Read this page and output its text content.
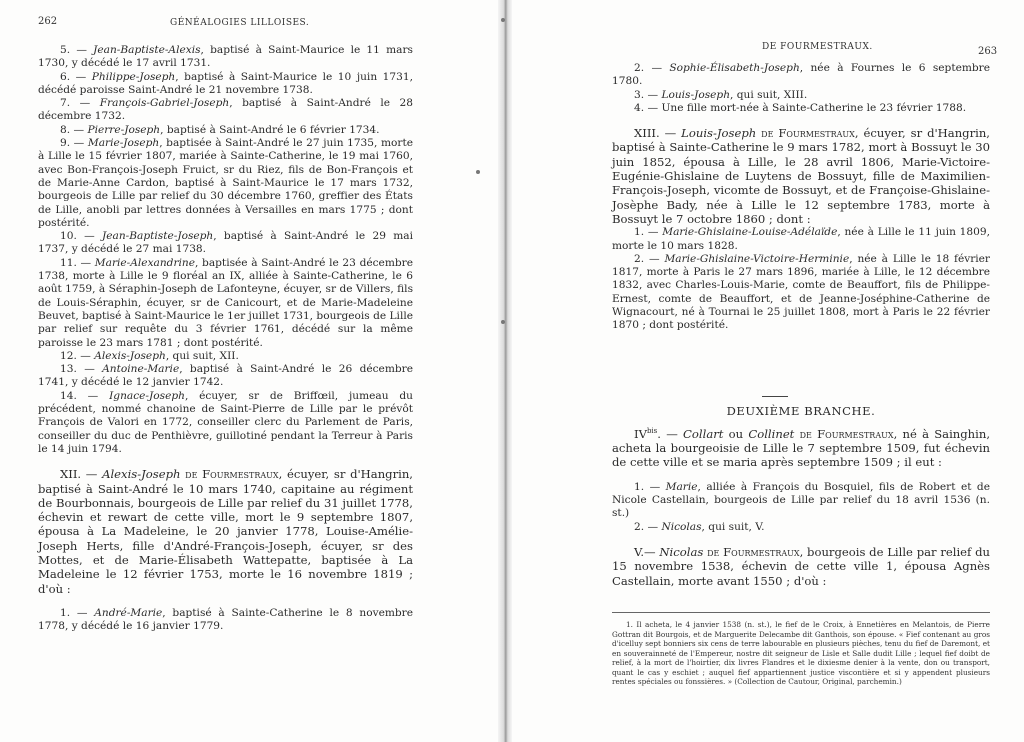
262	GÉNÉALOGIES LILLOISES.

5. — Jean-Baptiste-Alexis, baptisé à Saint-Maurice le 11 mars 1730, y décédé le 17 avril 1731.

6. — Philippe-Joseph, baptisé à Saint-Maurice le 10 juin 1731, décédé paroisse Saint-André le 21 novembre 1738.

7. — François-Gabriel-Joseph, baptisé à Saint-André le 28 décembre 1732.

8. — Pierre-Joseph, baptisé à Saint-André le 6 février 1734.

9. — Marie-Joseph, baptisée à Saint-André le 27 juin 1735, morte à Lille le 15 février 1807, mariée à Sainte-Catherine, le 19 mai 1760, avec Bon-François-Joseph Fruict, sr du Riez, fils de Bon-François et de Marie-Anne Cardon, baptisé à Saint-Maurice le 17 mars 1732, bourgeois de Lille par relief du 30 décembre 1760, greffier des États de Lille, anobli par lettres données à Versailles en mars 1775 ; dont postérité.

10. — Jean-Baptiste-Joseph, baptisé à Saint-André le 29 mai 1737, y décédé le 27 mai 1738.

11. — Marie-Alexandrine, baptisée à Saint-André le 23 décembre 1738, morte à Lille le 9 floréal an IX, alliée à Sainte-Catherine, le 6 août 1759, à Séraphin-Joseph de Lafonteyne, écuyer, sr de Villers, fils de Louis-Séraphin, écuyer, sr de Canicourt, et de Marie-Madeleine Beuvet, baptisé à Saint-Maurice le 1er juillet 1731, bourgeois de Lille par relief sur requête du 3 février 1761, décédé sur la même paroisse le 23 mars 1781 ; dont postérité.

12. — Alexis-Joseph, qui suit, XII.

13. — Antoine-Marie, baptisé à Saint-André le 26 décembre 1741, y décédé le 12 janvier 1742.

14. — Ignace-Joseph, écuyer, sr de Briffœil, jumeau du précédent, nommé chanoine de Saint-Pierre de Lille par le prévôt François de Valori en 1772, conseiller clerc du Parlement de Paris, conseiller du duc de Penthièvre, guillotiné pendant la Terreur à Paris le 14 juin 1794.

XII. — Alexis-Joseph de Fourmestraux, écuyer, sr d'Hangrin, baptisé à Saint-André le 10 mars 1740, capitaine au régiment de Bourbonnais, bourgeois de Lille par relief du 31 juillet 1778, échevin et rewart de cette ville, mort le 9 septembre 1807, épousa à La Madeleine, le 20 janvier 1778, Louise-Amélie-Joseph Herts, fille d'André-François-Joseph, écuyer, sr des Mottes, et de Marie-Élisabeth Wattepatte, baptisée à La Madeleine le 12 février 1753, morte le 16 novembre 1819 ; d'où :

1. — André-Marie, baptisé à Sainte-Catherine le 8 novembre 1778, y décédé le 16 janvier 1779.

DE FOURMESTRAUX.	263

2. — Sophie-Élisabeth-Joseph, née à Fournes le 6 septembre 1780.

3. — Louis-Joseph, qui suit, XIII.

4. — Une fille mort-née à Sainte-Catherine le 23 février 1788.

XIII. — Louis-Joseph de Fourmestraux, écuyer, sr d'Hangrin, baptisé à Sainte-Catherine le 9 mars 1782, mort à Bossuyt le 30 juin 1852, épousa à Lille, le 28 avril 1806, Marie-Victoire-Eugénie-Ghislaine de Luytens de Bossuyt, fille de Maximilien-François-Joseph, vicomte de Bossuyt, et de Françoise-Ghislaine-Josèphe Bady, née à Lille le 12 septembre 1783, morte à Bossuyt le 7 octobre 1860 ; dont :

1. — Marie-Ghislaine-Louise-Adélaïde, née à Lille le 11 juin 1809, morte le 10 mars 1828.

2. — Marie-Ghislaine-Victoire-Herminie, née à Lille le 18 février 1817, morte à Paris le 27 mars 1896, mariée à Lille, le 12 décembre 1832, avec Charles-Louis-Marie, comte de Beauffort, fils de Philippe-Ernest, comte de Beauffort, et de Jeanne-Joséphine-Catherine de Wignacourt, né à Tournai le 25 juillet 1808, mort à Paris le 22 février 1870 ; dont postérité.

DEUXIÈME BRANCHE.

$IV^{bis}$. — Collart ou Collinet de Fourmestraux, né à Sainghin, acheta la bourgeoisie de Lille le 7 septembre 1509, fut échevin de cette ville et se maria après septembre 1509 ; il eut :

1. — Marie, alliée à François du Bosquiel, fils de Robert et de Nicole Castellain, bourgeois de Lille par relief du 18 avril 1536 (n. st.)

2. — Nicolas, qui suit, V.

V.— Nicolas de Fourmestraux, bourgeois de Lille par relief du 15 novembre 1538, échevin de cette ville 1, épousa Agnès Castellain, morte avant 1550 ; d'où :

1. Il acheta, le 4 janvier 1538 (n. st.), le fief de le Croix, à Ennetières en Melantois, de Pierre Gottran dit Bourgois, et de Marguerite Delecambe dit Ganthois, son épouse. « Fief contenant au gros d'icelluy sept bonniers six cens de terre labourable en plusieurs pièches, tenu du fief de Daremont, et en souverainneté de l'Empereur, nostre dit seigneur de Lisle et Salle dudit Lille ; lequel fief doibt de relief, à la mort de l'hoirtier, dix livres Flandres et le dixiesme denier à la vente, don ou transport, quant le cas y eschiet ; auquel fief appartiennent justice viscontière et si y appendent plusieurs rentes spéciales ou fonssières. » (Collection de Cautour, Original, parchemin.)
